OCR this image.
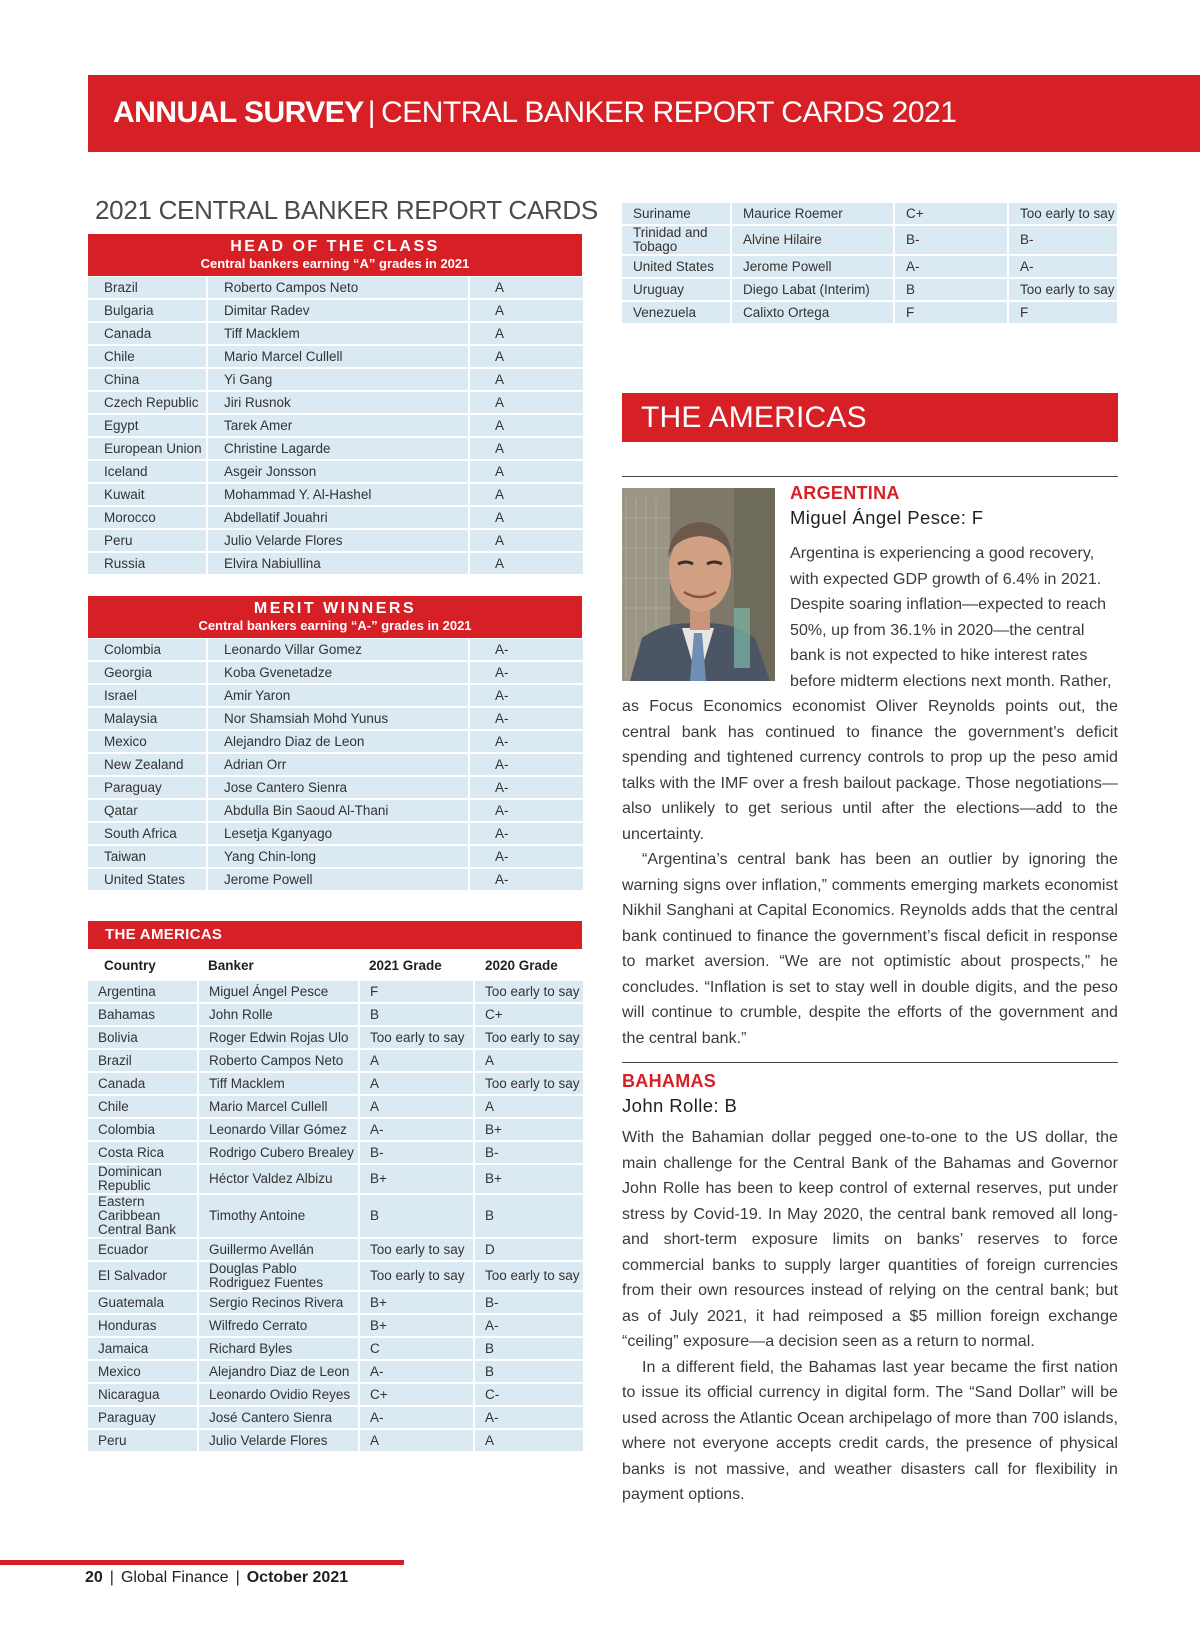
ANNUAL SURVEY | CENTRAL BANKER REPORT CARDS 2021
2021 CENTRAL BANKER REPORT CARDS
HEAD OF THE CLASS
Central bankers earning “A” grades in 2021
Brazil	Roberto Campos Neto	A
Bulgaria	Dimitar Radev	A
Canada	Tiff Macklem	A
Chile	Mario Marcel Cullell	A
China	Yi Gang	A
Czech Republic	Jiri Rusnok	A
Egypt	Tarek Amer	A
European Union	Christine Lagarde	A
Iceland	Asgeir Jonsson	A
Kuwait	Mohammad Y. Al-Hashel	A
Morocco	Abdellatif Jouahri	A
Peru	Julio Velarde Flores	A
Russia	Elvira Nabiullina	A
MERIT WINNERS
Central bankers earning “A-” grades in 2021
Colombia	Leonardo Villar Gomez	A-
Georgia	Koba Gvenetadze	A-
Israel	Amir Yaron	A-
Malaysia	Nor Shamsiah Mohd Yunus	A-
Mexico	Alejandro Diaz de Leon	A-
New Zealand	Adrian Orr	A-
Paraguay	Jose Cantero Sienra	A-
Qatar	Abdulla Bin Saoud Al-Thani	A-
South Africa	Lesetja Kganyago	A-
Taiwan	Yang Chin-long	A-
United States	Jerome Powell	A-
THE AMERICAS
Country	Banker	2021 Grade	2020 Grade
Argentina	Miguel Ángel Pesce	F	Too early to say
Bahamas	John Rolle	B	C+
Bolivia	Roger Edwin Rojas Ulo	Too early to say	Too early to say
Brazil	Roberto Campos Neto	A	A
Canada	Tiff Macklem	A	Too early to say
Chile	Mario Marcel Cullell	A	A
Colombia	Leonardo Villar Gómez	A-	B+
Costa Rica	Rodrigo Cubero Brealey	B-	B-
Dominican Republic	Héctor Valdez Albizu	B+	B+
Eastern Caribbean Central Bank	Timothy Antoine	B	B
Ecuador	Guillermo Avellán	Too early to say	D
El Salvador	Douglas Pablo Rodriguez Fuentes	Too early to say	Too early to say
Guatemala	Sergio Recinos Rivera	B+	B-
Honduras	Wilfredo Cerrato	B+	A-
Jamaica	Richard Byles	C	B
Mexico	Alejandro Diaz de Leon	A-	B
Nicaragua	Leonardo Ovidio Reyes	C+	C-
Paraguay	José Cantero Sienra	A-	A-
Peru	Julio Velarde Flores	A	A
Suriname	Maurice Roemer	C+	Too early to say
Trinidad and Tobago	Alvine Hilaire	B-	B-
United States	Jerome Powell	A-	A-
Uruguay	Diego Labat (Interim)	B	Too early to say
Venezuela	Calixto Ortega	F	F
THE AMERICAS
ARGENTINA
Miguel Ángel Pesce: F
Argentina is experiencing a good recovery,
with expected GDP growth of 6.4% in 2021.
Despite soaring inflation—expected to reach
50%, up from 36.1% in 2020—the central
bank is not expected to hike interest rates
before midterm elections next month. Rather,

as Focus Economics economist Oliver Reynolds points out, the central bank has continued to finance the government’s deficit spending and tightened currency controls to prop up the peso amid talks with the IMF over a fresh bailout package. Those negotiations—also unlikely to get serious until after the elections—add to the uncertainty.

“Argentina’s central bank has been an outlier by ignoring the warning signs over inflation,” comments emerging markets economist Nikhil Sanghani at Capital Economics. Reynolds adds that the central bank continued to finance the government’s fiscal deficit in response to market aversion. “We are not optimistic about prospects,” he concludes. “Inflation is set to stay well in double digits, and the peso will continue to crumble, despite the efforts of the government and the central bank.”

BAHAMAS
John Rolle: B

With the Bahamian dollar pegged one-to-one to the US dollar, the main challenge for the Central Bank of the Bahamas and Governor John Rolle has been to keep control of external reserves, put under stress by Covid-19. In May 2020, the central bank removed all long- and short-term exposure limits on banks’ reserves to force commercial banks to supply larger quantities of foreign currencies from their own resources instead of relying on the central bank; but as of July 2021, it had reimposed a $5 million foreign exchange “ceiling” exposure—a decision seen as a return to normal.

In a different field, the Bahamas last year became the first nation to issue its official currency in digital form. The “Sand Dollar” will be used across the Atlantic Ocean archipelago of more than 700 islands, where not everyone accepts credit cards, the presence of physical banks is not massive, and weather disasters call for flexibility in payment options.

20 | Global Finance | October 2021
